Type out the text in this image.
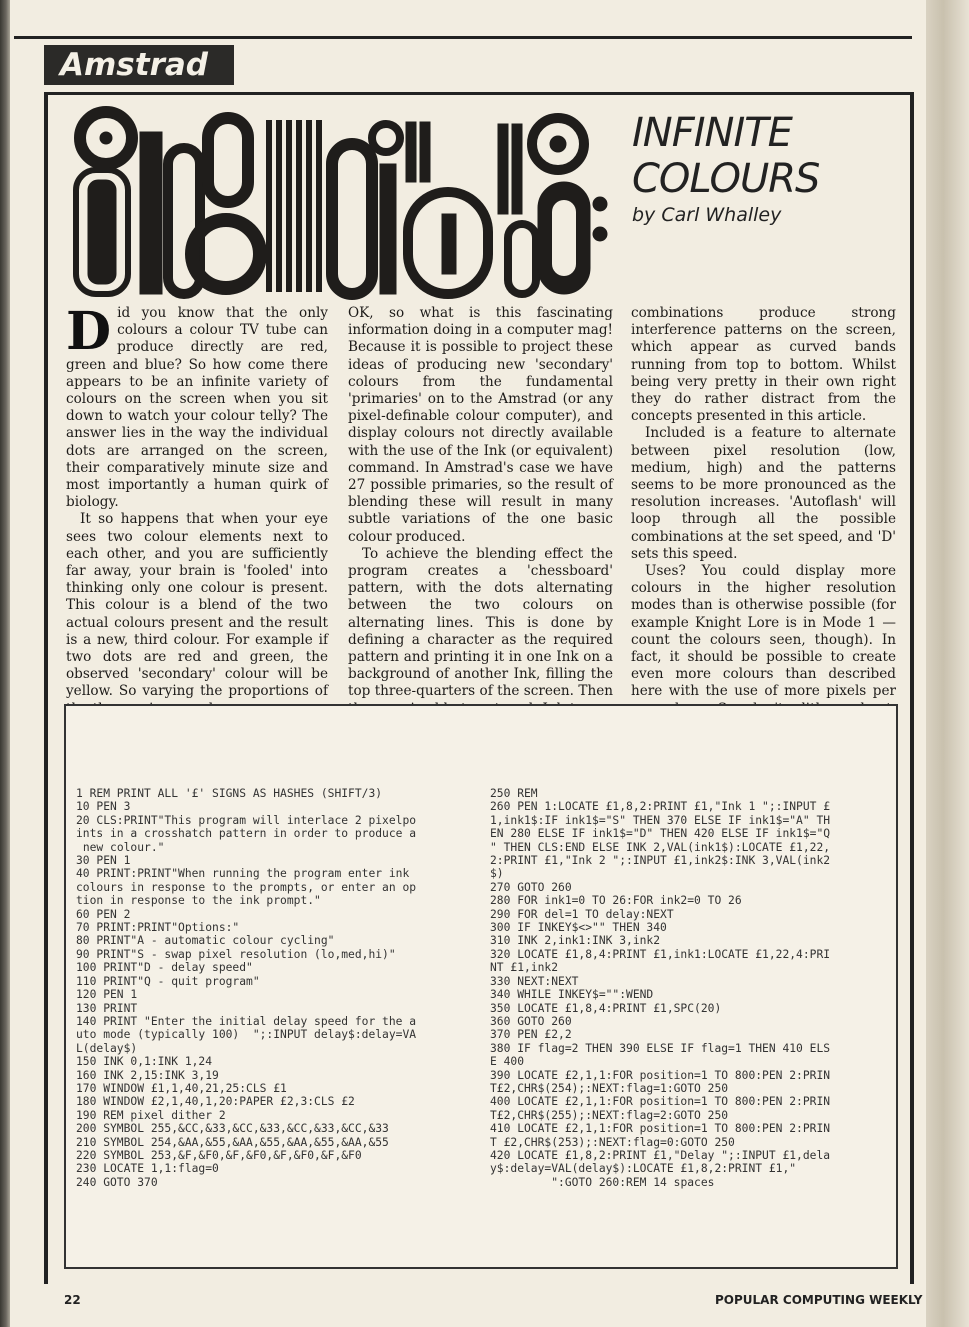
Amstrad
INFINITE
COLOURS
by Carl Whalley

Did you know that the only colours a colour TV tube can produce directly are red, green and blue? So how come there appears to be an infinite variety of colours on the screen when you sit down to watch your colour telly? The answer lies in the way the individual dots are arranged on the screen, their comparatively minute size and most importantly a human quirk of biology.

It so happens that when your eye sees two colour elements next to each other, and you are sufficiently far away, your brain is 'fooled' into thinking only one colour is present. This colour is a blend of the two actual colours present and the result is a new, third colour. For example if two dots are red and green, the observed 'secondary' colour will be yellow. So varying the proportions of

OK, so what is this fascinating information doing in a computer mag! Because it is possible to project these ideas of producing new 'secondary' colours from the fundamental 'primaries' on to the Amstrad (or any pixel-definable colour computer), and display colours not directly available with the use of the Ink (or equivalent) command. In Amstrad's case we have 27 possible primaries, so the result of blending these will result in many subtle variations of the one basic colour produced.

To achieve the blending effect the program creates a 'chessboard' pattern, with the dots alternating between the two colours on alternating lines. This is done by defining a character as the required pattern and printing it in one Ink on a background of another Ink, filling the top three-quarters of the screen. Then

combinations produce strong interference patterns on the screen, which appear as curved bands running from top to bottom. Whilst being very pretty in their own right they do rather distract from the concepts presented in this article.

Included is a feature to alternate between pixel resolution (low, medium, high) and the patterns seems to be more pronounced as the resolution increases. 'Autoflash' will loop through all the possible combinations at the set speed, and 'D' sets this speed.

Uses? You could display more colours in the higher resolution modes than is otherwise possible (for example Knight Lore is in Mode 1 — count the colours seen, though). In fact, it should be possible to create even more colours than described here with the use of more pixels per

1 REM PRINT ALL '£' SIGNS AS HASHES (SHIFT/3)
10 PEN 3
20 CLS:PRINT"This program will interlace 2 pixelpo
ints in a crosshatch pattern in order to produce a
new colour."
30 PEN 1
40 PRINT:PRINT"When running the program enter ink
colours in response to the prompts, or enter an op
tion in response to the ink prompt."
60 PEN 2
70 PRINT:PRINT"Options:"
80 PRINT"A - automatic colour cycling"
90 PRINT"S - swap pixel resolution (lo,med,hi)"
100 PRINT"D - delay speed"
110 PRINT"Q - quit program"
120 PEN 1
130 PRINT
140 PRINT "Enter the initial delay speed for the a
uto mode (typically 100)  ";:INPUT delay$:delay=VA
L(delay$)
150 INK 0,1:INK 1,24
160 INK 2,15:INK 3,19
170 WINDOW £1,1,40,21,25:CLS £1
180 WINDOW £2,1,40,1,20:PAPER £2,3:CLS £2
190 REM pixel dither 2
200 SYMBOL 255,&CC,&33,&CC,&33,&CC,&33,&CC,&33
210 SYMBOL 254,&AA,&55,&AA,&55,&AA,&55,&AA,&55
220 SYMBOL 253,&F,&F0,&F,&F0,&F,&F0,&F,&F0
230 LOCATE 1,1:flag=0
240 GOTO 370
250 REM
260 PEN 1:LOCATE £1,8,2:PRINT £1,"Ink 1 ";:INPUT £
1,ink1$:IF ink1$="S" THEN 370 ELSE IF ink1$="A" TH
EN 280 ELSE IF ink1$="D" THEN 420 ELSE IF ink1$="Q
" THEN CLS:END ELSE INK 2,VAL(ink1$):LOCATE £1,22,
2:PRINT £1,"Ink 2 ";:INPUT £1,ink2$:INK 3,VAL(ink2
$)
270 GOTO 260
280 FOR ink1=0 TO 26:FOR ink2=0 TO 26
290 FOR del=1 TO delay:NEXT
300 IF INKEY$<>"" THEN 340
310 INK 2,ink1:INK 3,ink2
320 LOCATE £1,8,4:PRINT £1,ink1:LOCATE £1,22,4:PRI
NT £1,ink2
330 NEXT:NEXT
340 WHILE INKEY$="":WEND
350 LOCATE £1,8,4:PRINT £1,SPC(20)
360 GOTO 260
370 PEN £2,2
380 IF flag=2 THEN 390 ELSE IF flag=1 THEN 410 ELS
E 400
390 LOCATE £2,1,1:FOR position=1 TO 800:PEN 2:PRIN
T£2,CHR$(254);:NEXT:flag=1:GOTO 250
400 LOCATE £2,1,1:FOR position=1 TO 800:PEN 2:PRIN
T£2,CHR$(255);:NEXT:flag=2:GOTO 250
410 LOCATE £2,1,1:FOR position=1 TO 800:PEN 2:PRIN
T £2,CHR$(253);:NEXT:flag=0:GOTO 250
420 LOCATE £1,8,2:PRINT £1,"Delay ";:INPUT £1,dela
y$:delay=VAL(delay$):LOCATE £1,8,2:PRINT £1,"
":GOTO 260:REM 14 spaces
22	POPULAR COMPUTING WEEKLY
